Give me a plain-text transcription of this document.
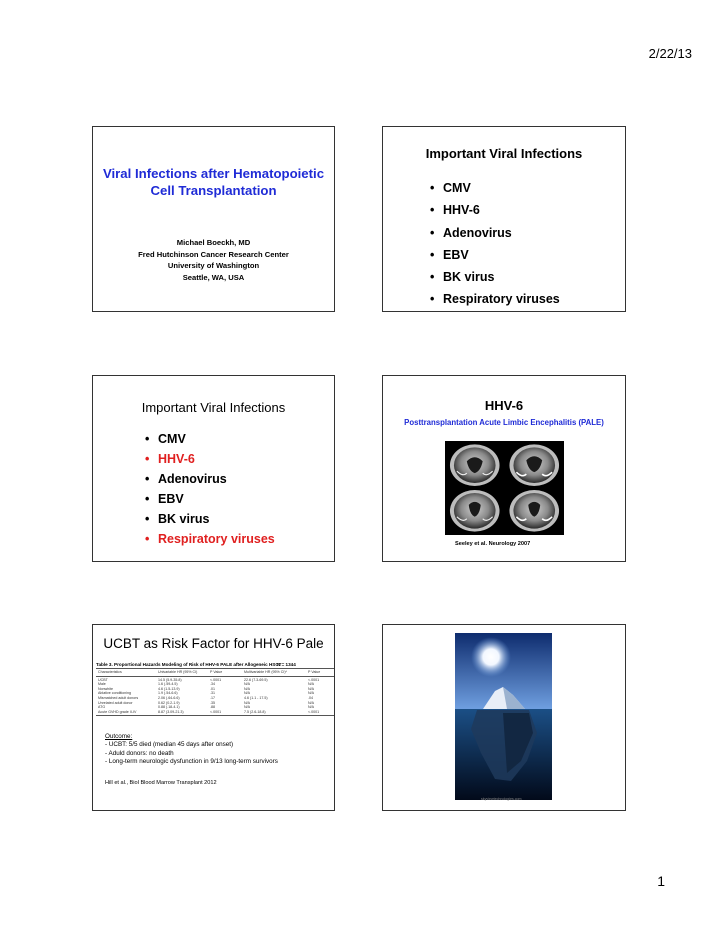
2/22/13
Viral Infections after Hematopoietic
Cell Transplantation
Michael Boeckh, MD
Fred Hutchinson Cancer Research Center
University of Washington
Seattle, WA, USA
Important Viral Infections
• CMV
• HHV-6
• Adenovirus
• EBV
• BK virus
• Respiratory viruses
Important Viral Infections
• CMV
• HHV-6
• Adenovirus
• EBV
• BK virus
• Respiratory viruses
HHV-6
Posttransplantation Acute Limbic Encephalitis (PALE)
Seeley et al. Neurology 2007
UCBT as Risk Factor for HHV-6 Pale
Table 3. Proportional Hazards Modeling of Risk of HHV-6 PALE after Allogeneic HSCT
N = 1344
Characteristics	Univariable HR (95% CI)	P Value	Multivariable HR (95% CI)*	P Value
UCBT	14.5 (5.9-35.8)	<.0001	22.6 (7.3-69.5)	<.0001
Male	1.6 (.59-4.5)	.34	N/A	N/A
Nonwhite	4.6 (1.5-13.9)	.01	N/A	N/A
Ablative conditioning	1.9 (.54-6.6)	.31	N/A	N/A
Mismatched adult donors	2.06 (.64-6.6)	.17	4.6 (1.1 - 17.5)	.04
Unrelated adult donor	0.62 (0.2-1.9)	.35	N/A	N/A
ATG	0.88 (.18-4.1)	.88	N/A	N/A
Acute GVHD grade II-IV	8.87 (3.09-21.3)	<.0001	7.5 (2.6-18.8)	<.0001
Outcome:
- UCBT: 5/5 died (median 45 days after onset)
- Aduld donors: no death
- Long-term neurologic dysfunction in 9/13 long-term survivors
Hill et al., Biol Blood Marrow Transplant 2012
skyviewtechnologies.com
1
